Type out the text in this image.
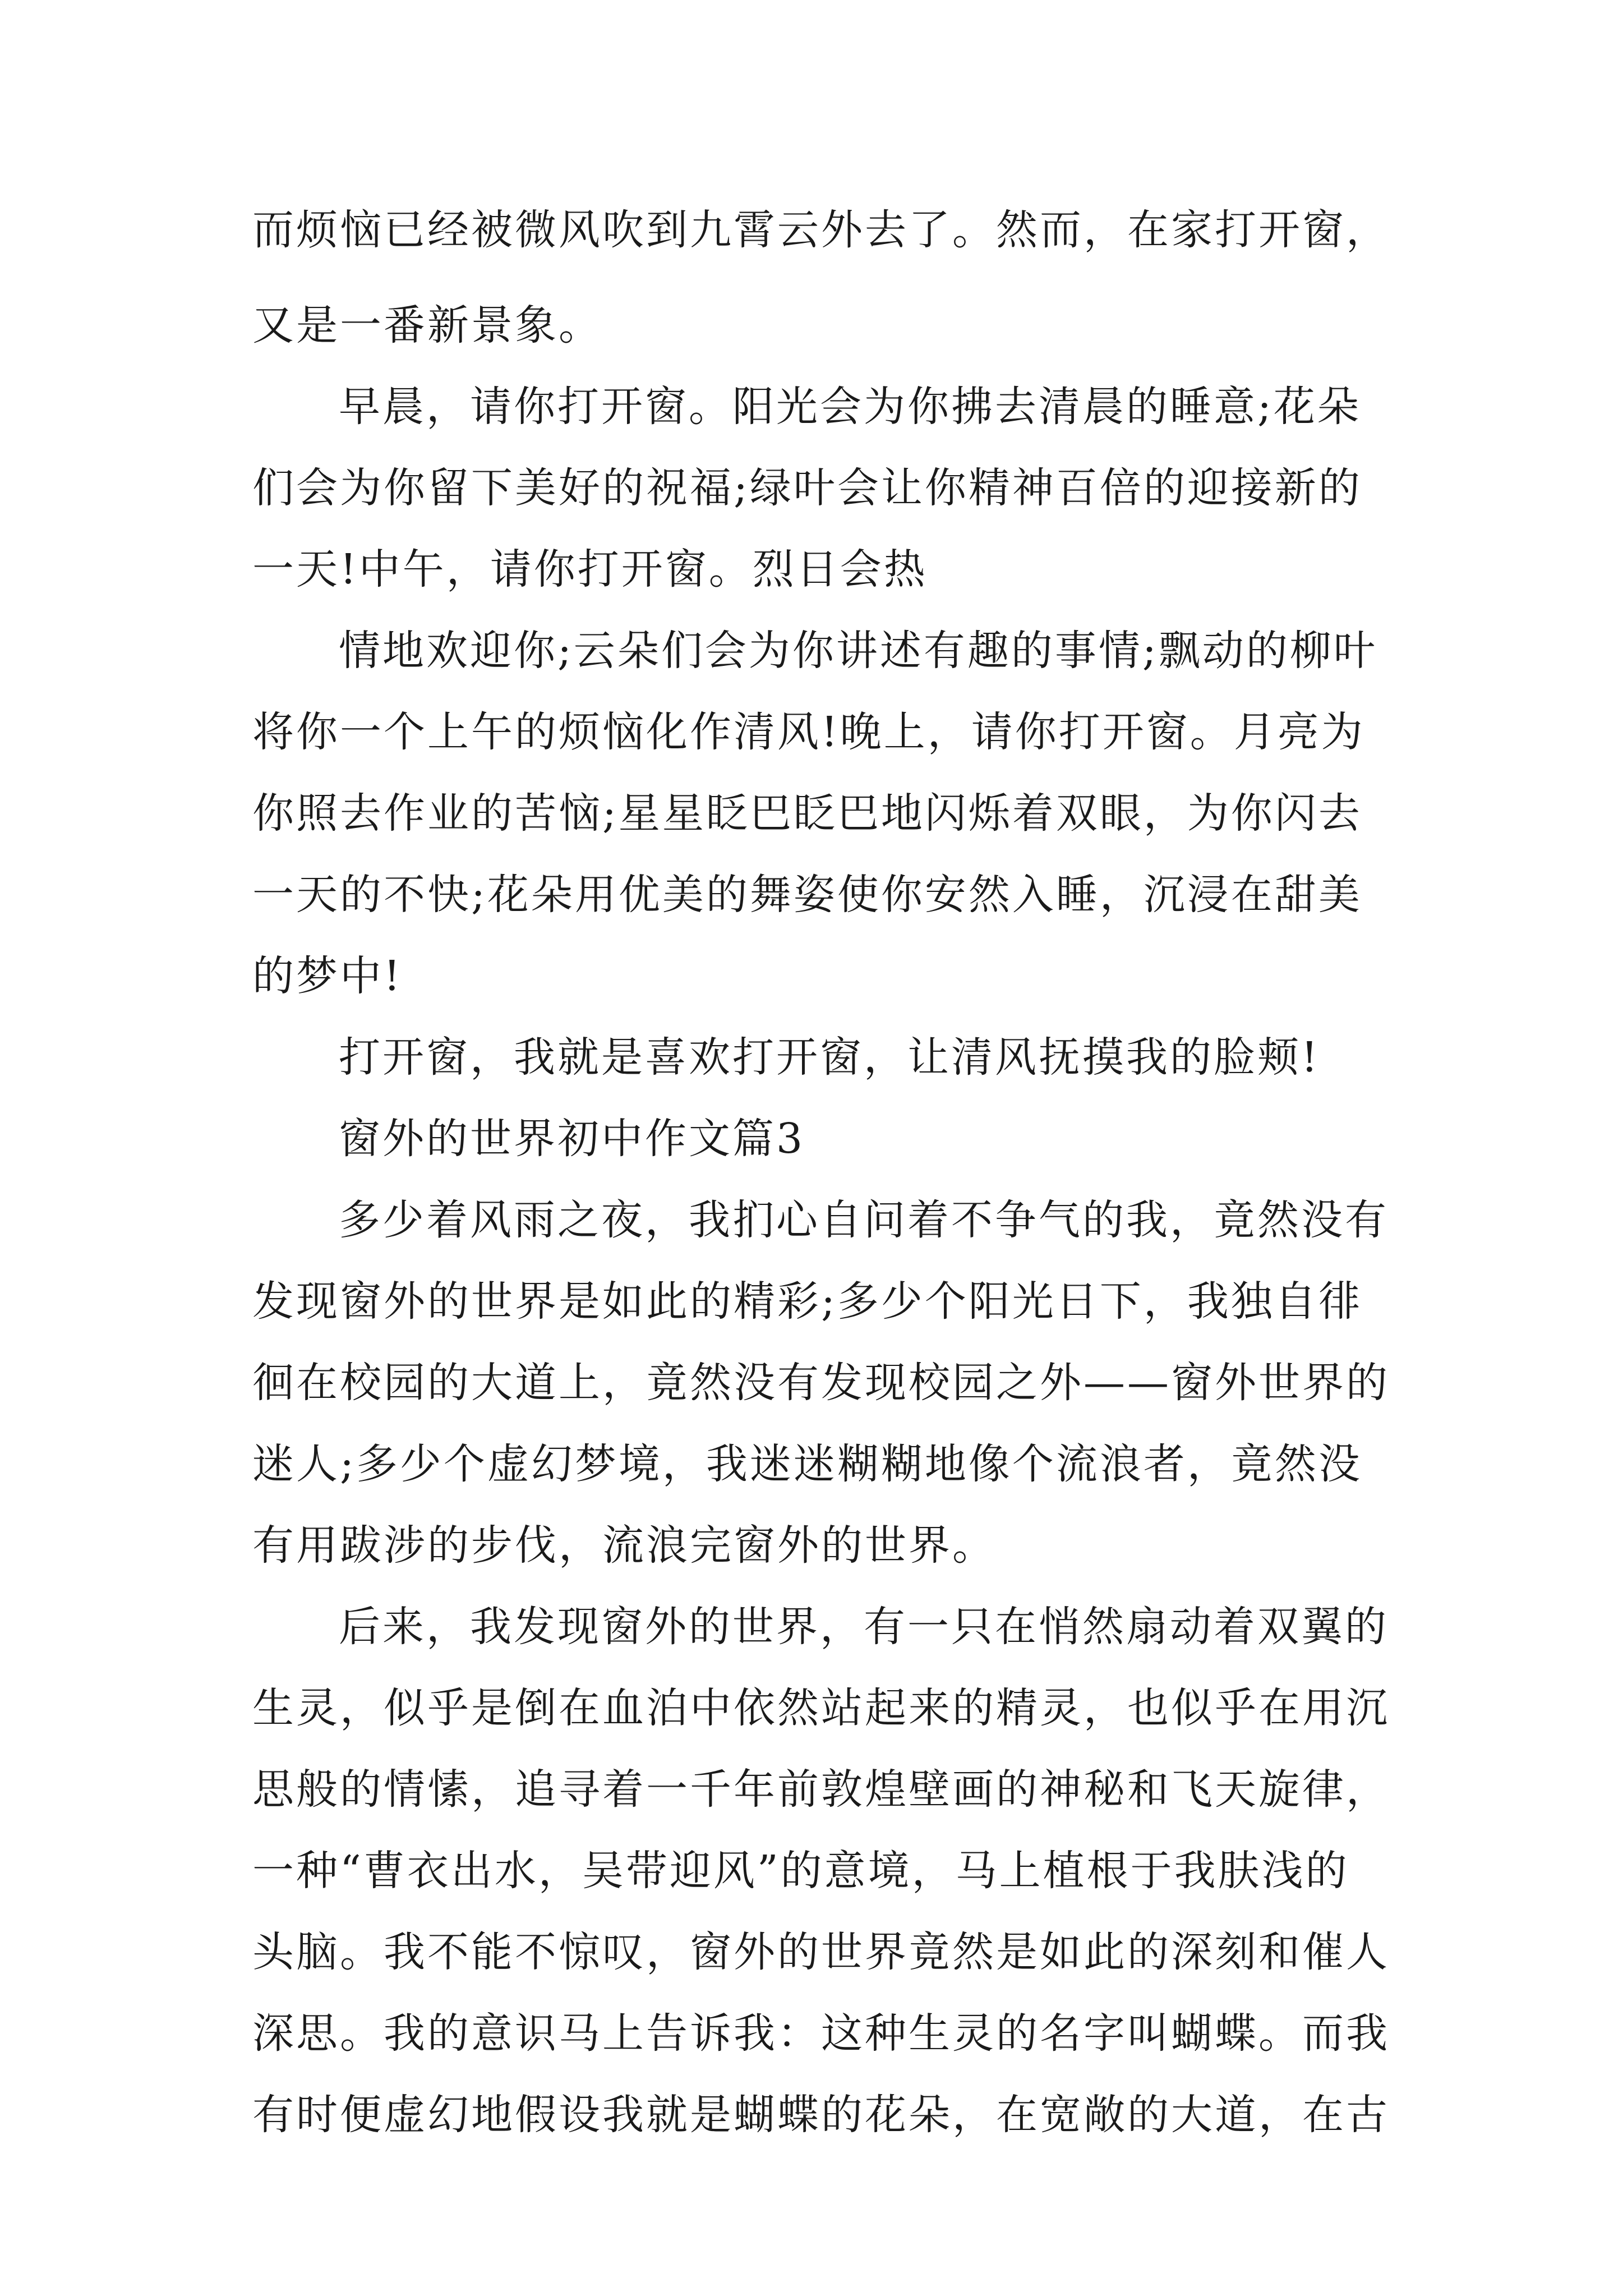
而烦恼已经被微风吹到九霄云外去了。然而，在家打开窗，
又是一番新景象。
早晨，请你打开窗。阳光会为你拂去清晨的睡意;花朵
们会为你留下美好的祝福;绿叶会让你精神百倍的迎接新的
一天!中午，请你打开窗。烈日会热
情地欢迎你;云朵们会为你讲述有趣的事情;飘动的柳叶
将你一个上午的烦恼化作清风!晚上，请你打开窗。月亮为
你照去作业的苦恼;星星眨巴眨巴地闪烁着双眼，为你闪去
一天的不快;花朵用优美的舞姿使你安然入睡，沉浸在甜美
的梦中!
打开窗，我就是喜欢打开窗，让清风抚摸我的脸颊!
窗外的世界初中作文篇3
多少着风雨之夜，我扪心自问着不争气的我，竟然没有
发现窗外的世界是如此的精彩;多少个阳光日下，我独自徘
徊在校园的大道上，竟然没有发现校园之外——窗外世界的
迷人;多少个虚幻梦境，我迷迷糊糊地像个流浪者，竟然没
有用跋涉的步伐，流浪完窗外的世界。
后来，我发现窗外的世界，有一只在悄然扇动着双翼的
生灵，似乎是倒在血泊中依然站起来的精灵，也似乎在用沉
思般的情愫，追寻着一千年前敦煌壁画的神秘和飞天旋律，
一种“曹衣出水，吴带迎风”的意境，马上植根于我肤浅的
头脑。我不能不惊叹，窗外的世界竟然是如此的深刻和催人
深思。我的意识马上告诉我：这种生灵的名字叫蝴蝶。而我
有时便虚幻地假设我就是蝴蝶的花朵，在宽敞的大道，在古
